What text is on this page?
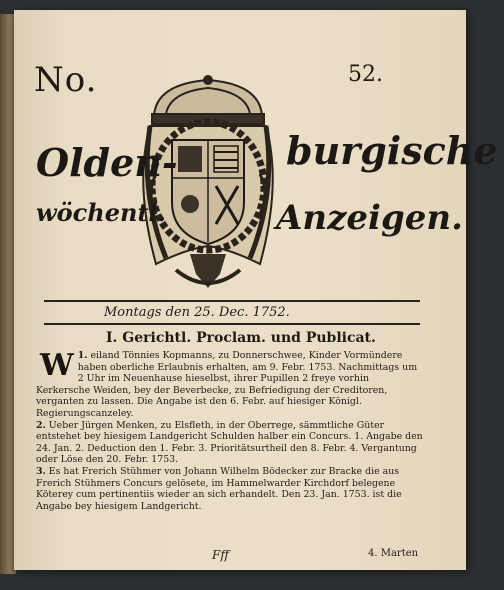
No.	52.
Olden-	burgische
wöchentl.	Anzeigen.
Montags den 25. Dec. 1752.
I. Gerichtl. Proclam. und Publicat.

1.
W eiland Tönnies Kopmanns, zu Donnerschwee, Kinder Vormündere haben oberliche Erlaubnis erhalten, am 9. Febr. 1753. Nachmittags um 2 Uhr im Neuenhause hieselbst, ihrer Pupillen 2 freye vorhin Kerkersche Weiden, bey der Beverbecke, zu Befriedigung der Creditoren, verganten zu lassen. Die Angabe ist den 6. Febr. auf hiesiger Königl. Regierungscanzeley.

2. Ueber Jürgen Menken, zu Elsfleth, in der Oberrege, sämmtliche Güter entstehet bey hiesigem Landgericht Schulden halber ein Concurs. 1. Angabe den 24. Jan. 2. Deduction den 1. Febr. 3. Prioritätsurtheil den 8. Febr. 4. Vergantung oder Löse den 20. Febr. 1753.

3. Es hat Frerich Stühmer von Johann Wilhelm Bödecker zur Bracke die aus Frerich Stühmers Concurs gelösete, im Hammelwarder Kirchdorf belegene Köterey cum pertinentiis wieder an sich erhandelt. Den 23. Jan. 1753. ist die Angabe bey hiesigem Landgericht.

Fff	4. Marten
